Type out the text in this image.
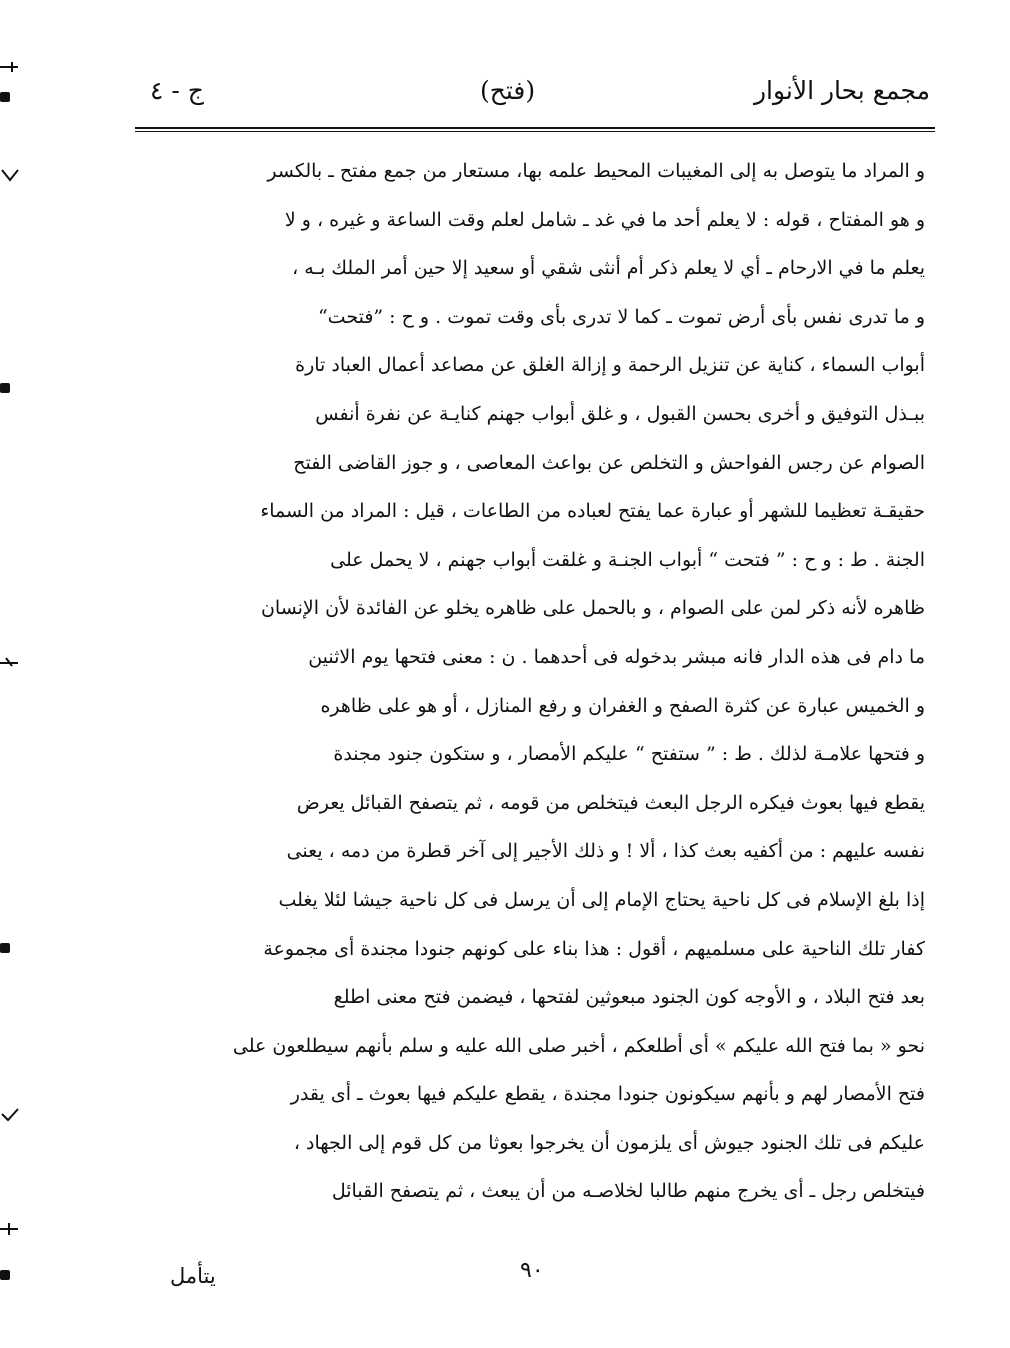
مجمع بحار الأنوار
(فتح)
ج - ٤
و المراد ما يتوصل به إلى المغيبات المحيط علمه بها، مستعار من جمع مفتح ـ بالكسر
و هو المفتاح ، قوله : لا يعلم أحد ما في غد ـ شامل لعلم وقت الساعة و غيره ، و لا
يعلم ما في الارحام ـ أي لا يعلم ذكر أم أنثى شقي أو سعيد إلا حين أمر الملك بـه ،
و ما تدرى نفس بأى أرض تموت ـ كما لا تدرى بأى وقت تموت . و ح : ”فتحت“
أبواب السماء ، كناية عن تنزيل الرحمة و إزالة الغلق عن مصاعد أعمال العباد تارة
ببـذل التوفيق و أخرى بحسن القبول ، و غلق أبواب جهنم كنايـة عن نفرة أنفس
الصوام عن رجس الفواحش و التخلص عن بواعث المعاصى ، و جوز القاضى الفتح
حقيقـة تعظيما للشهر أو عبارة عما يفتح لعباده من الطاعات ، قيل : المراد من السماء
الجنة . ط : و ح : ” فتحت “ أبواب الجنـة و غلقت أبواب جهنم ، لا يحمل على
ظاهره لأنه ذكر لمن على الصوام ، و بالحمل على ظاهره يخلو عن الفائدة لأن الإنسان
ما دام فى هذه الدار فانه مبشر بدخوله فى أحدهما . ن : معنى فتحها يوم الاثنين
و الخميس عبارة عن كثرة الصفح و الغفران و رفع المنازل ، أو هو على ظاهره
و فتحها علامـة لذلك . ط : ” ستفتح “ عليكم الأمصار ، و ستكون جنود مجندة
يقطع فيها بعوث فيكره الرجل البعث فيتخلص من قومه ، ثم يتصفح القبائل يعرض
نفسه عليهم : من أكفيه بعث كذا ، ألا ! و ذلك الأجير إلى آخر قطرة من دمه ، يعنى
إذا بلغ الإسلام فى كل ناحية يحتاج الإمام إلى أن يرسل فى كل ناحية جيشا لئلا يغلب
كفار تلك الناحية على مسلميهم ، أقول : هذا بناء على كونهم جنودا مجندة أى مجموعة
بعد فتح البلاد ، و الأوجه كون الجنود مبعوثين لفتحها ، فيضمن فتح معنى اطلع
نحو « بما فتح الله عليكم » أى أطلعكم ، أخبر صلى الله عليه و سلم بأنهم سيطلعون على
فتح الأمصار لهم و بأنهم سيكونون جنودا مجندة ، يقطع عليكم فيها بعوث ـ أى يقدر
عليكم فى تلك الجنود جيوش أى يلزمون أن يخرجوا بعوثا من كل قوم إلى الجهاد ،
فيتخلص رجل ـ أى يخرج منهم طالبا لخلاصـه من أن يبعث ، ثم يتصفح القبائل
٩٠
يتأمل
